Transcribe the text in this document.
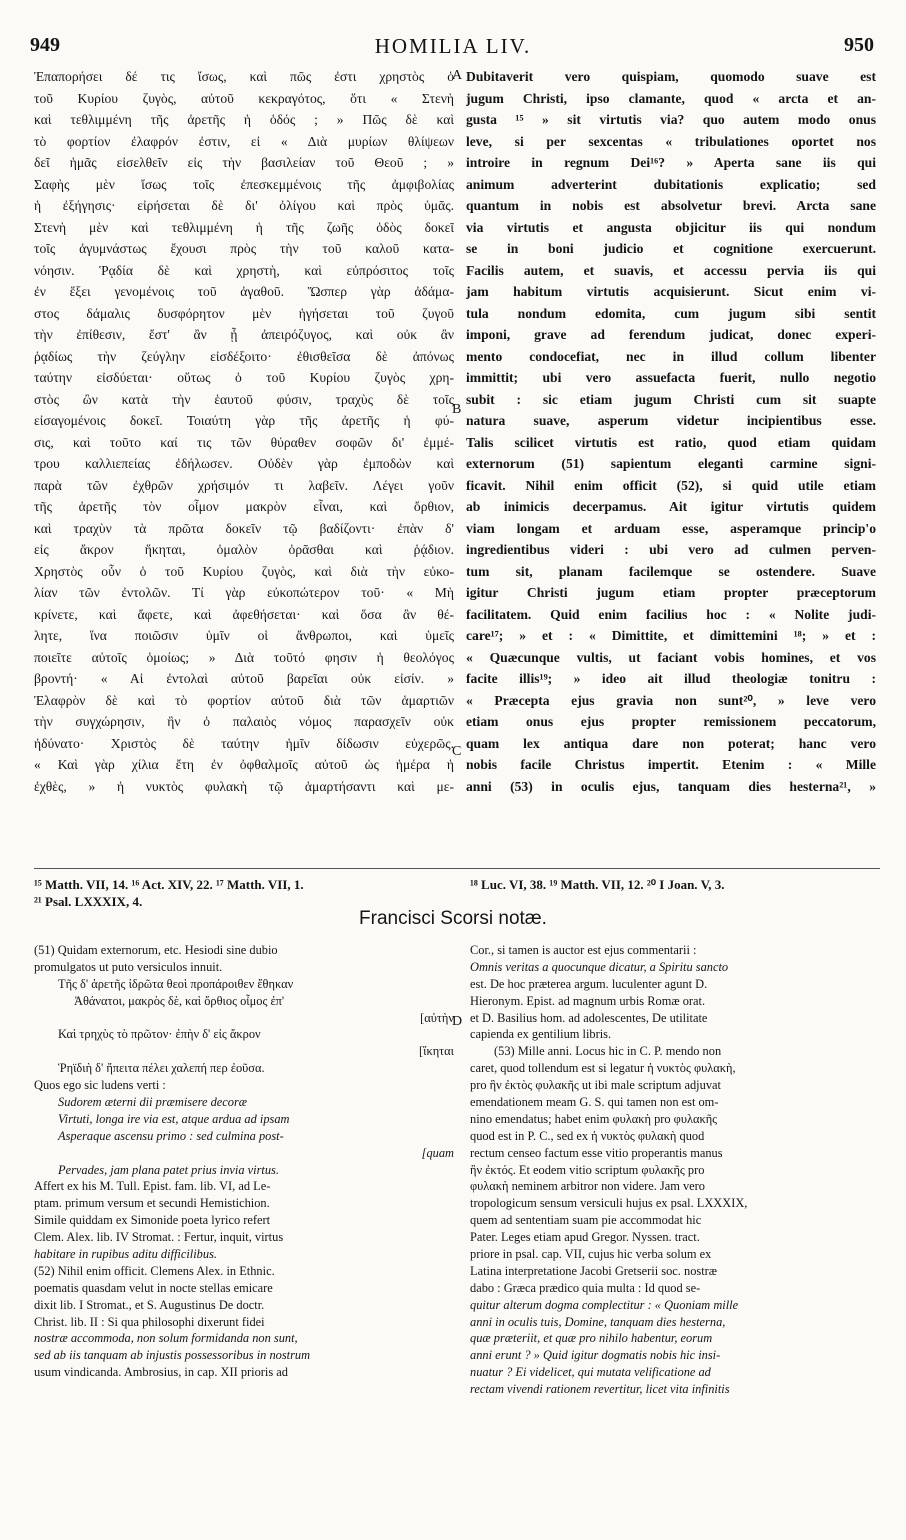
949	HOMILIA LIV.	950
Ἐπαπορήσει δέ τις ἴσως, καὶ πῶς ἐστι χρηστὸς ὁ
τοῦ Κυρίου ζυγὸς, αὐτοῦ κεκραγότος, ὅτι « Στενὴ
καὶ τεθλιμμένη τῆς ἀρετῆς ἡ ὁδός ; » Πῶς δὲ καὶ
τὸ φορτίον ἐλαφρόν ἐστιν, εἰ « Διὰ μυρίων θλίψεων
δεῖ ἡμᾶς εἰσελθεῖν εἰς τὴν βασιλείαν τοῦ Θεοῦ ; »
Σαφὴς μὲν ἴσως τοῖς ἐπεσκεμμένοις τῆς ἀμφιβολίας
ἡ ἐξήγησις· εἰρήσεται δὲ δι' ὀλίγου καὶ πρὸς ὑμᾶς.
Στενὴ μὲν καὶ τεθλιμμένη ἡ τῆς ζωῆς ὁδὸς δοκεῖ
τοῖς ἀγυμνάστως ἔχουσι πρὸς τὴν τοῦ καλοῦ κατα-
νόησιν. Ῥᾳδία δὲ καὶ χρηστὴ, καὶ εὐπρόσιτος τοῖς
ἐν ἕξει γενομένοις τοῦ ἀγαθοῦ. Ὥσπερ γὰρ ἀδάμα-
στος δάμαλις δυσφόρητον μὲν ἡγήσεται τοῦ ζυγοῦ
τὴν ἐπίθεσιν, ἔστ' ἂν ᾖ ἀπειρόζυγος, καὶ οὐκ ἂν
ῥᾳδίως τὴν ζεύγλην εἰσδέξοιτο· ἐθισθεῖσα δὲ ἀπόνως
ταύτην εἰσδύεται· οὕτως ὁ τοῦ Κυρίου ζυγὸς χρη-
στὸς ὢν κατὰ τὴν ἑαυτοῦ φύσιν, τραχὺς δὲ τοῖς
εἰσαγομένοις δοκεῖ. Τοιαύτη γὰρ τῆς ἀρετῆς ἡ φύ-
σις, καὶ τοῦτο καί τις τῶν θύραθεν σοφῶν δι' ἐμμέ-
τρου καλλιεπείας ἐδήλωσεν. Οὐδὲν γὰρ ἐμποδὼν καὶ
παρὰ τῶν ἐχθρῶν χρήσιμόν τι λαβεῖν. Λέγει γοῦν
τῆς ἀρετῆς τὸν οἶμον μακρὸν εἶναι, καὶ ὄρθιον,
καὶ τραχὺν τὰ πρῶτα δοκεῖν τῷ βαδίζοντι· ἐπὰν δ'
εἰς ἄκρον ἥκηται, ὁμαλὸν ὁρᾶσθαι καὶ ῥᾴδιον.
Χρηστὸς οὖν ὁ τοῦ Κυρίου ζυγὸς, καὶ διὰ τὴν εὐκο-
λίαν τῶν ἐντολῶν. Τί γὰρ εὐκοπώτερον τοῦ· « Μὴ
κρίνετε, καὶ ἄφετε, καὶ ἀφεθήσεται· καὶ ὅσα ἂν θέ-
λητε, ἵνα ποιῶσιν ὑμῖν οἱ ἄνθρωποι, καὶ ὑμεῖς
ποιεῖτε αὐτοῖς ὁμοίως; » Διὰ τοῦτό φησιν ἡ θεολόγος
βροντή· « Αἱ ἐντολαὶ αὐτοῦ βαρεῖαι οὐκ εἰσίν. »
Ἐλαφρὸν δὲ καὶ τὸ φορτίον αὐτοῦ διὰ τῶν ἁμαρτιῶν
τὴν συγχώρησιν, ἣν ὁ παλαιὸς νόμος παρασχεῖν οὐκ
ἠδύνατο· Χριστὸς δὲ ταύτην ἡμῖν δίδωσιν εὐχερῶς.
« Καὶ γὰρ χίλια ἔτη ἐν ὀφθαλμοῖς αὐτοῦ ὡς ἡμέρα ἡ
ἐχθὲς, » ἡ νυκτὸς φυλακὴ τῷ ἁμαρτήσαντι καὶ με-
Dubitaverit vero quispiam, quomodo suave est
jugum Christi, ipso clamante, quod « arcta et an-
gusta ¹⁵ » sit virtutis via? quo autem modo onus
leve, si per sexcentas « tribulationes oportet nos
introire in regnum Dei¹⁶? » Aperta sane iis qui
animum adverterint dubitationis explicatio; sed
quantum in nobis est absolvetur brevi. Arcta sane
via virtutis et angusta objicitur iis qui nondum
se in boni judicio et cognitione exercuerunt.
Facilis autem, et suavis, et accessu pervia iis qui
jam habitum virtutis acquisierunt. Sicut enim vi-
tula nondum edomita, cum jugum sibi sentit
imponi, grave ad ferendum judicat, donec experi-
mento condocefiat, nec in illud collum libenter
immittit; ubi vero assuefacta fuerit, nullo negotio
subit : sic etiam jugum Christi cum sit suapte
natura suave, asperum videtur incipientibus esse.
Talis scilicet virtutis est ratio, quod etiam quidam
externorum (51) sapientum eleganti carmine signi-
ficavit. Nihil enim officit (52), si quid utile etiam
ab inimicis decerpamus. Ait igitur virtutis quidem
viam longam et arduam esse, asperamque princip'o
ingredientibus videri : ubi vero ad culmen perven-
tum sit, planam facilemque se ostendere. Suave
igitur Christi jugum etiam propter præceptorum
facilitatem. Quid enim facilius hoc : « Nolite judi-
care¹⁷; » et : « Dimittite, et dimittemini ¹⁸; » et :
« Quæcunque vultis, ut faciant vobis homines, et vos
facite illis¹⁹; » ideo ait illud theologiæ tonitru :
« Præcepta ejus gravia non sunt²⁰, » leve vero
etiam onus ejus propter remissionem peccatorum,
quam lex antiqua dare non poterat; hanc vero
nobis facile Christus impertit. Etenim : « Mille
anni (53) in oculis ejus, tanquam dies hesterna²¹, »
A
B
C
D
¹⁵ Matth. VII, 14. ¹⁶ Act. XIV, 22. ¹⁷ Matth. VII, 1.
²¹ Psal. LXXXIX, 4.
¹⁸ Luc. VI, 38. ¹⁹ Matth. VII, 12. ²⁰ I Joan. V, 3.
Francisci Scorsi notæ.
(51) Quidam externorum, etc. Hesiodi sine dubio
promulgatos ut puto versiculos innuit.
Τῆς δ' ἀρετῆς ἱδρῶτα θεοὶ προπάροιθεν ἔθηκαν
Ἀθάνατοι, μακρὸς δὲ, καὶ ὄρθιος οἶμος ἐπ'
[αὐτὴν
Καὶ τρηχὺς τὸ πρῶτον· ἐπὴν δ' εἰς ἄκρον
[ἵκηται
Ῥηϊδιὴ δ' ἤπειτα πέλει χαλεπή περ ἐοῦσα.
Quos ego sic ludens verti :
Sudorem æterni dii præmisere decoræ
Virtuti, longa ire via est, atque ardua ad ipsam
Asperaque ascensu primo : sed culmina post-
[quam
Pervades, jam plana patet prius invia virtus.
Affert ex his M. Tull. Epist. fam. lib. VI, ad Le-
ptam. primum versum et secundi Hemistichion.
Simile quiddam ex Simonide poeta lyrico refert
Clem. Alex. lib. IV Stromat. : Fertur, inquit, virtus
habitare in rupibus aditu difficilibus.
(52) Nihil enim officit. Clemens Alex. in Ethnic.
poematis quasdam velut in nocte stellas emicare
dixit lib. I Stromat., et S. Augustinus De doctr.
Christ. lib. II : Si qua philosophi dixerunt fidei
nostræ accommoda, non solum formidanda non sunt,
sed ab iis tanquam ab injustis possessoribus in nostrum
usum vindicanda. Ambrosius, in cap. XII prioris ad
Cor., si tamen is auctor est ejus commentarii :
Omnis veritas a quocunque dicatur, a Spiritu sancto
est. De hoc præterea argum. luculenter agunt D.
Hieronym. Epist. ad magnum urbis Romæ orat.
et D. Basilius hom. ad adolescentes, De utilitate
capienda ex gentilium libris.
(53) Mille anni. Locus hic in C. P. mendo non
caret, quod tollendum est si legatur ἡ νυκτὸς φυλακὴ,
pro ἣν ἐκτὸς φυλακῆς ut ibi male scriptum adjuvat
emendationem meam G. S. qui tamen non est om-
nino emendatus; habet enim φυλακὴ pro φυλακῆς
quod est in P. C., sed ex ἡ νυκτὸς φυλακὴ quod
rectum censeo factum esse vitio properantis manus
ἣν ἐκτός. Et eodem vitio scriptum φυλακῆς pro
φυλακὴ neminem arbitror non videre. Jam vero
tropologicum sensum versiculi hujus ex psal. LXXXIX,
quem ad sententiam suam pie accommodat hic
Pater. Leges etiam apud Gregor. Nyssen. tract.
priore in psal. cap. VII, cujus hic verba solum ex
Latina interpretatione Jacobi Gretserii soc. nostræ
dabo : Græca prædico quia multa : Id quod se-
quitur alterum dogma complectitur : « Quoniam mille
anni in oculis tuis, Domine, tanquam dies hesterna,
quæ præteriit, et quæ pro nihilo habentur, eorum
anni erunt ? » Quid igitur dogmatis nobis hic insi-
nuatur ? Ei videlicet, qui mutata velificatione ad
rectam vivendi rationem revertitur, licet vita infinitis
